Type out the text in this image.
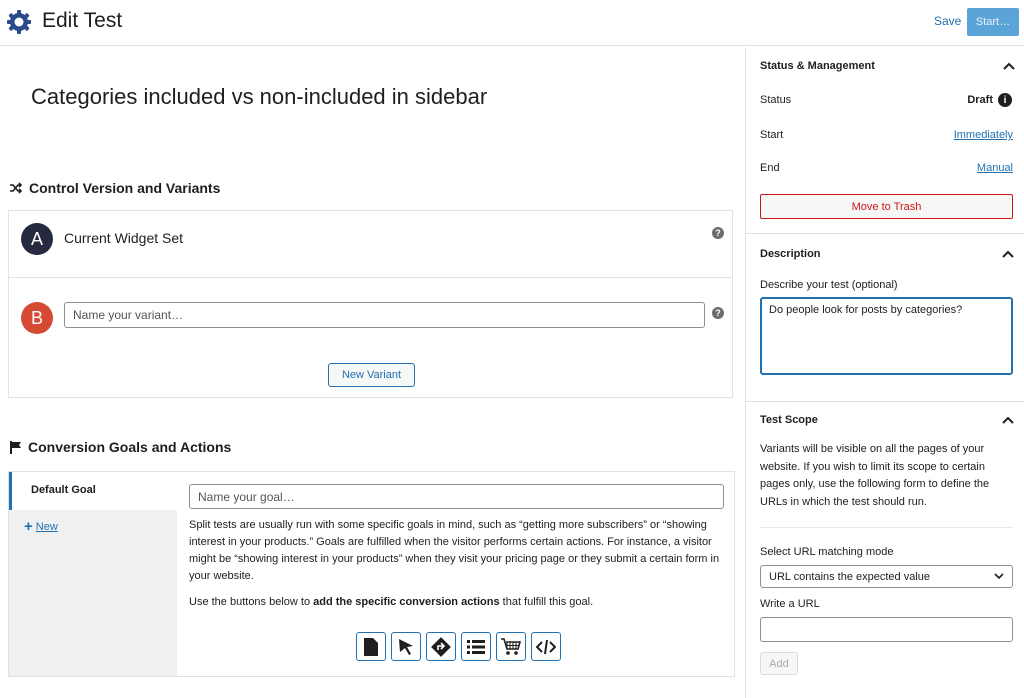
Edit Test	Save	Start…
Categories included vs non-included in sidebar
Control Version and Variants
A	Current Widget Set	?
B
Name your variant…	?
New Variant
Conversion Goals and Actions
Default Goal
+ New
Name your goal…	Split tests are usually run with some specific goals in mind, such as “getting more subscribers” or “showing interest in your products.” Goals are fulfilled when the visitor performs certain actions. For instance, a visitor might be “showing interest in your products” when they visit your pricing page or they submit a certain form in your website.
Use the buttons below to add the specific conversion actions that fulfill this goal.
Status & Management
Status	Draft	i
Start	Immediately
End	Manual
Move to Trash
Description
Describe your test (optional)
Do people look for posts by categories?
Test Scope
Variants will be visible on all the pages of your website. If you wish to limit its scope to certain pages only, use the following form to define the URLs in which the test should run.
Select URL matching mode
URL contains the expected value
Write a URL
Add
